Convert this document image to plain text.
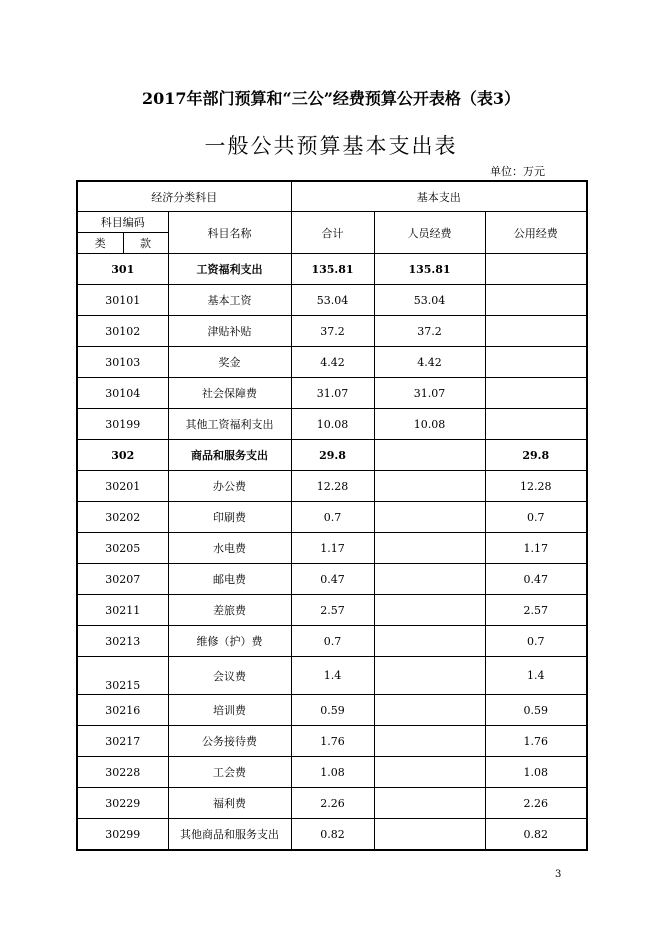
2017年部门预算和“三公”经费预算公开表格（表3）
一般公共预算基本支出表
单位：万元
经济分类科目			基本支出		
科目编码		科目名称	合计	人员经费	公用经费
类	款				
301		工资福利支出	135.81	135.81	
30101		基本工资	53.04	53.04	
30102		津贴补贴	37.2	37.2	
30103		奖金	4.42	4.42	
30104		社会保障费	31.07	31.07	
30199		其他工资福利支出	10.08	10.08	
302		商品和服务支出	29.8		29.8
30201		办公费	12.28		12.28
30202		印刷费	0.7		0.7
30205		水电费	1.17		1.17
30207		邮电费	0.47		0.47
30211		差旅费	2.57		2.57
30213		维修（护）费	0.7		0.7
30215		会议费	1.4		1.4
30216		培训费	0.59		0.59
30217		公务接待费	1.76		1.76
30228		工会费	1.08		1.08
30229		福利费	2.26		2.26
30299		其他商品和服务支出	0.82		0.82
3
